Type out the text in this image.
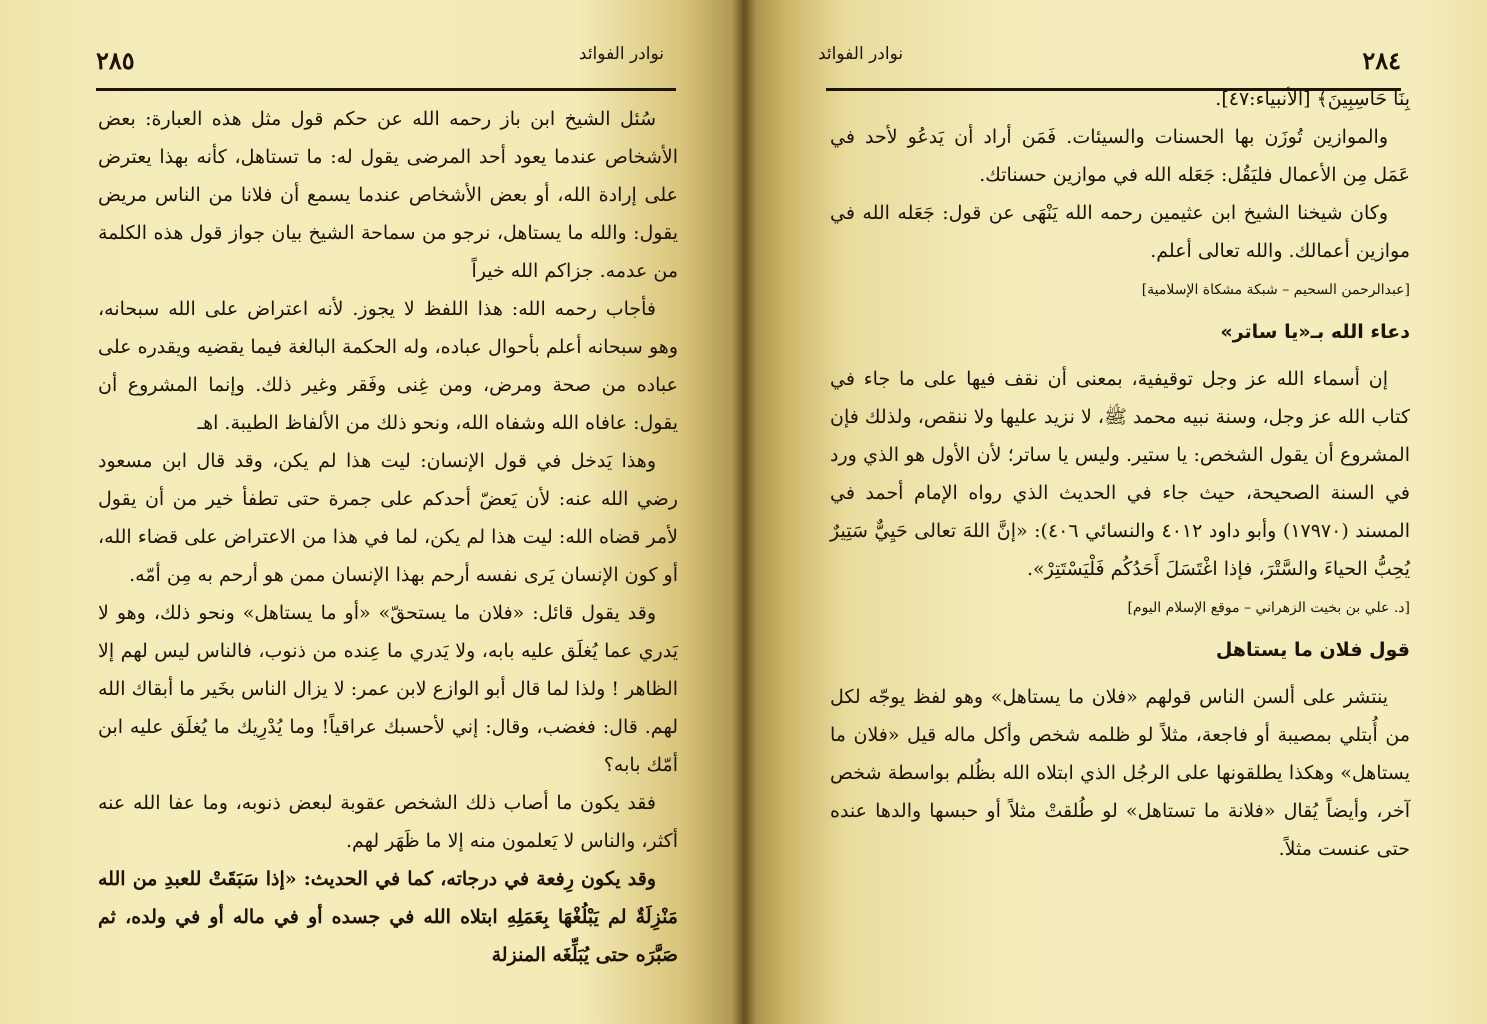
٢٨٥	نوادر الفوائد

سُئل الشيخ ابن باز رحمه الله عن حكم قول مثل هذه العبارة: بعض الأشخاص عندما يعود أحد المرضى يقول له: ما تستاهل، كأنه بهذا يعترض على إرادة الله، أو بعض الأشخاص عندما يسمع أن فلانا من الناس مريض يقول: والله ما يستاهل، نرجو من سماحة الشيخ بيان جواز قول هذه الكلمة من عدمه. جزاكم الله خيراً

فأجاب رحمه الله: هذا اللفظ لا يجوز. لأنه اعتراض على الله سبحانه، وهو سبحانه أعلم بأحوال عباده، وله الحكمة البالغة فيما يقضيه ويقدره على عباده من صحة ومرض، ومن غِنى وفَقر وغير ذلك. وإنما المشروع أن يقول: عافاه الله وشفاه الله، ونحو ذلك من الألفاظ الطيبة. اهـ

وهذا يَدخل في قول الإنسان: ليت هذا لم يكن، وقد قال ابن مسعود رضي الله عنه: لأن يَعضّ أحدكم على جمرة حتى تطفأ خير من أن يقول لأمر قضاه الله: ليت هذا لم يكن، لما في هذا من الاعتراض على قضاء الله، أو كون الإنسان يَرى نفسه أرحم بهذا الإنسان ممن هو أرحم به مِن أمّه.

وقد يقول قائل: «فلان ما يستحقّ» «أو ما يستاهل» ونحو ذلك، وهو لا يَدري عما يُغلَق عليه بابه، ولا يَدري ما عِنده من ذنوب، فالناس ليس لهم إلا الظاهر ! ولذا لما قال أبو الوازع لابن عمر: لا يزال الناس بخَير ما أبقاك الله لهم. قال: فغضب، وقال: إني لأحسبك عراقياً! وما يُدْرِيك ما يُغلَق عليه ابن أمّك بابه؟

فقد يكون ما أصاب ذلك الشخص عقوبة لبعض ذنوبه، وما عفا الله عنه أكثر، والناس لا يَعلمون منه إلا ما ظَهَر لهم.

وقد يكون رِفعة في درجاته، كما في الحديث: «إذا سَبَقَتْ للعبدِ من الله مَنْزِلَةٌ لم يَبْلُغْهَا بِعَمَلِهِ ابتلاه الله في جسده أو في ماله أو في ولده، ثم صَبَّرَه حتى يُبَلِّغَه المنزلة

٢٨٤
نوادر الفوائد

بِنَا حَاسِبِينَ﴾ [الأنبياء:٤٧].

والموازين تُوزَن بها الحسنات والسيئات. فَمَن أراد أن يَدعُو لأحد في عَمَل مِن الأعمال فليَقُل: جَعَله الله في موازين حسناتك.

وكان شيخنا الشيخ ابن عثيمين رحمه الله يَنْهَى عن قول: جَعَله الله في موازين أعمالك. والله تعالى أعلم.

[عبدالرحمن السحيم – شبكة مشكاة الإسلامية]
دعاء الله بـ«يا ساتر»

إن أسماء الله عز وجل توقيفية، بمعنى أن نقف فيها على ما جاء في كتاب الله عز وجل، وسنة نبيه محمد ﷺ، لا نزيد عليها ولا ننقص، ولذلك فإن المشروع أن يقول الشخص: يا ستير. وليس يا ساتر؛ لأن الأول هو الذي ورد في السنة الصحيحة، حيث جاء في الحديث الذي رواه الإمام أحمد في المسند (١٧٩٧٠) وأبو داود ٤٠١٢ والنسائي ٤٠٦): «إنَّ اللهَ تعالى حَيِيٌّ سَتِيرٌ يُحِبُّ الحياءَ والسَّتْرَ، فإذا اغْتَسَلَ أَحَدُكُم فَلْيَسْتَتِرْ».

[د. علي بن بخيت الزهراني – موقع الإسلام اليوم]
قول فلان ما يستاهل

ينتشر على ألسن الناس قولهم «فلان ما يستاهل» وهو لفظ يوجّه لكل من أُبتلي بمصيبة أو فاجعة، مثلاً لو ظلمه شخص وأكل ماله قيل «فلان ما يستاهل» وهكذا يطلقونها على الرجُل الذي ابتلاه الله بظُلم بواسطة شخص آخر، وأيضاً يُقال «فلانة ما تستاهل» لو طُلقتْ مثلاً أو حبسها والدها عنده حتى عنست مثلاً.
